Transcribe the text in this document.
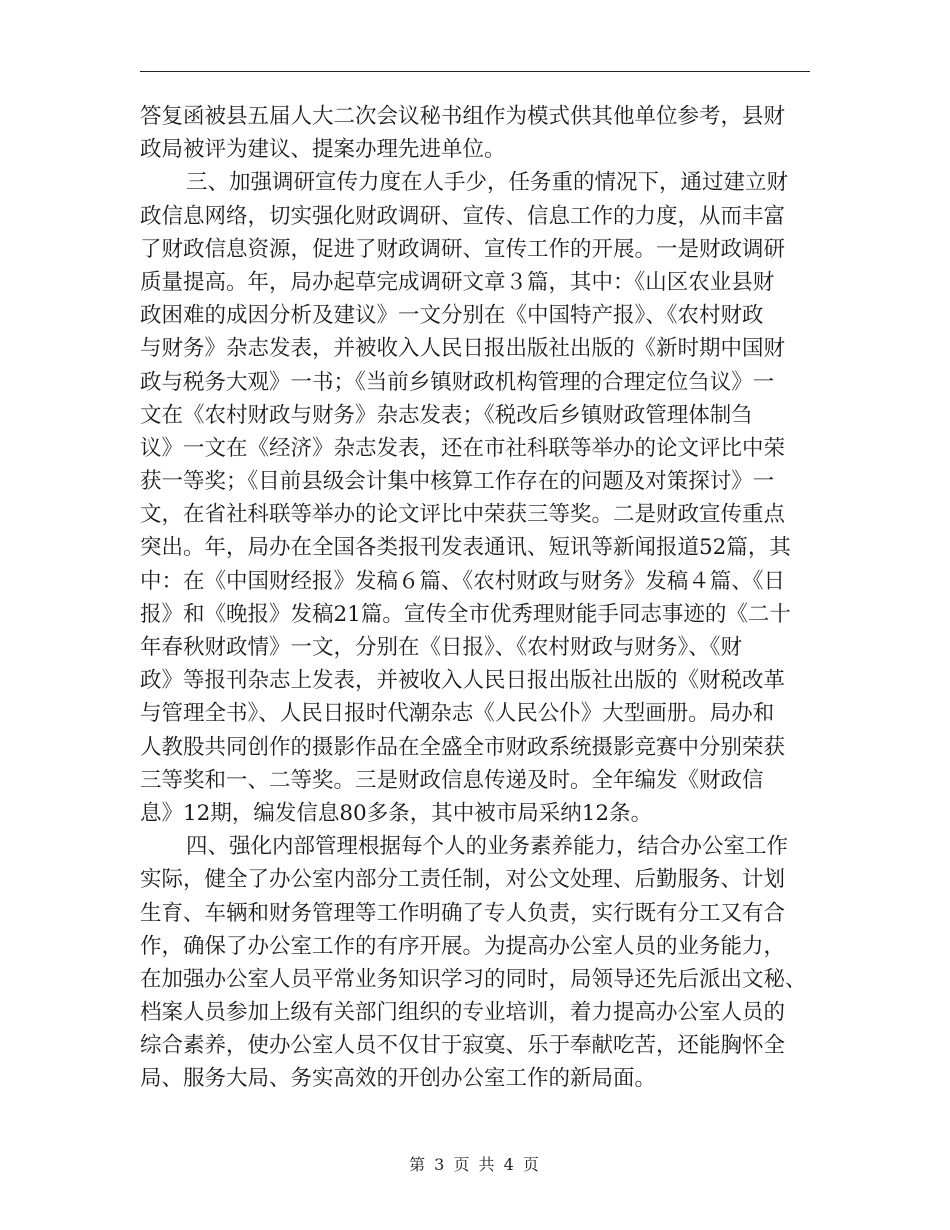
答复函被县五届人大二次会议秘书组作为模式供其他单位参考，县财
政局被评为建议、提案办理先进单位。
三、加强调研宣传力度在人手少，任务重的情况下，通过建立财
政信息网络，切实强化财政调研、宣传、信息工作的力度，从而丰富
了财政信息资源，促进了财政调研、宣传工作的开展。一是财政调研
质量提高。年，局办起草完成调研文章３篇，其中：《山区农业县财
政困难的成因分析及建议》一文分别在《中国特产报》、《农村财政
与财务》杂志发表，并被收入人民日报出版社出版的《新时期中国财
政与税务大观》一书；《当前乡镇财政机构管理的合理定位刍议》一
文在《农村财政与财务》杂志发表；《税改后乡镇财政管理体制刍
议》一文在《经济》杂志发表，还在市社科联等举办的论文评比中荣
获一等奖；《目前县级会计集中核算工作存在的问题及对策探讨》一
文，在省社科联等举办的论文评比中荣获三等奖。二是财政宣传重点
突出。年，局办在全国各类报刊发表通讯、短讯等新闻报道52篇，其
中：在《中国财经报》发稿６篇、《农村财政与财务》发稿４篇、《日
报》和《晚报》发稿21篇。宣传全市优秀理财能手同志事迹的《二十
年春秋财政情》一文，分别在《日报》、《农村财政与财务》、《财
政》等报刊杂志上发表，并被收入人民日报出版社出版的《财税改革
与管理全书》、人民日报时代潮杂志《人民公仆》大型画册。局办和
人教股共同创作的摄影作品在全盛全市财政系统摄影竞赛中分别荣获
三等奖和一、二等奖。三是财政信息传递及时。全年编发《财政信
息》12期，编发信息80多条，其中被市局采纳12条。
四、强化内部管理根据每个人的业务素养能力，结合办公室工作
实际，健全了办公室内部分工责任制，对公文处理、后勤服务、计划
生育、车辆和财务管理等工作明确了专人负责，实行既有分工又有合
作，确保了办公室工作的有序开展。为提高办公室人员的业务能力，
在加强办公室人员平常业务知识学习的同时，局领导还先后派出文秘、
档案人员参加上级有关部门组织的专业培训，着力提高办公室人员的
综合素养，使办公室人员不仅甘于寂寞、乐于奉献吃苦，还能胸怀全
局、服务大局、务实高效的开创办公室工作的新局面。
第 3 页 共 4 页
